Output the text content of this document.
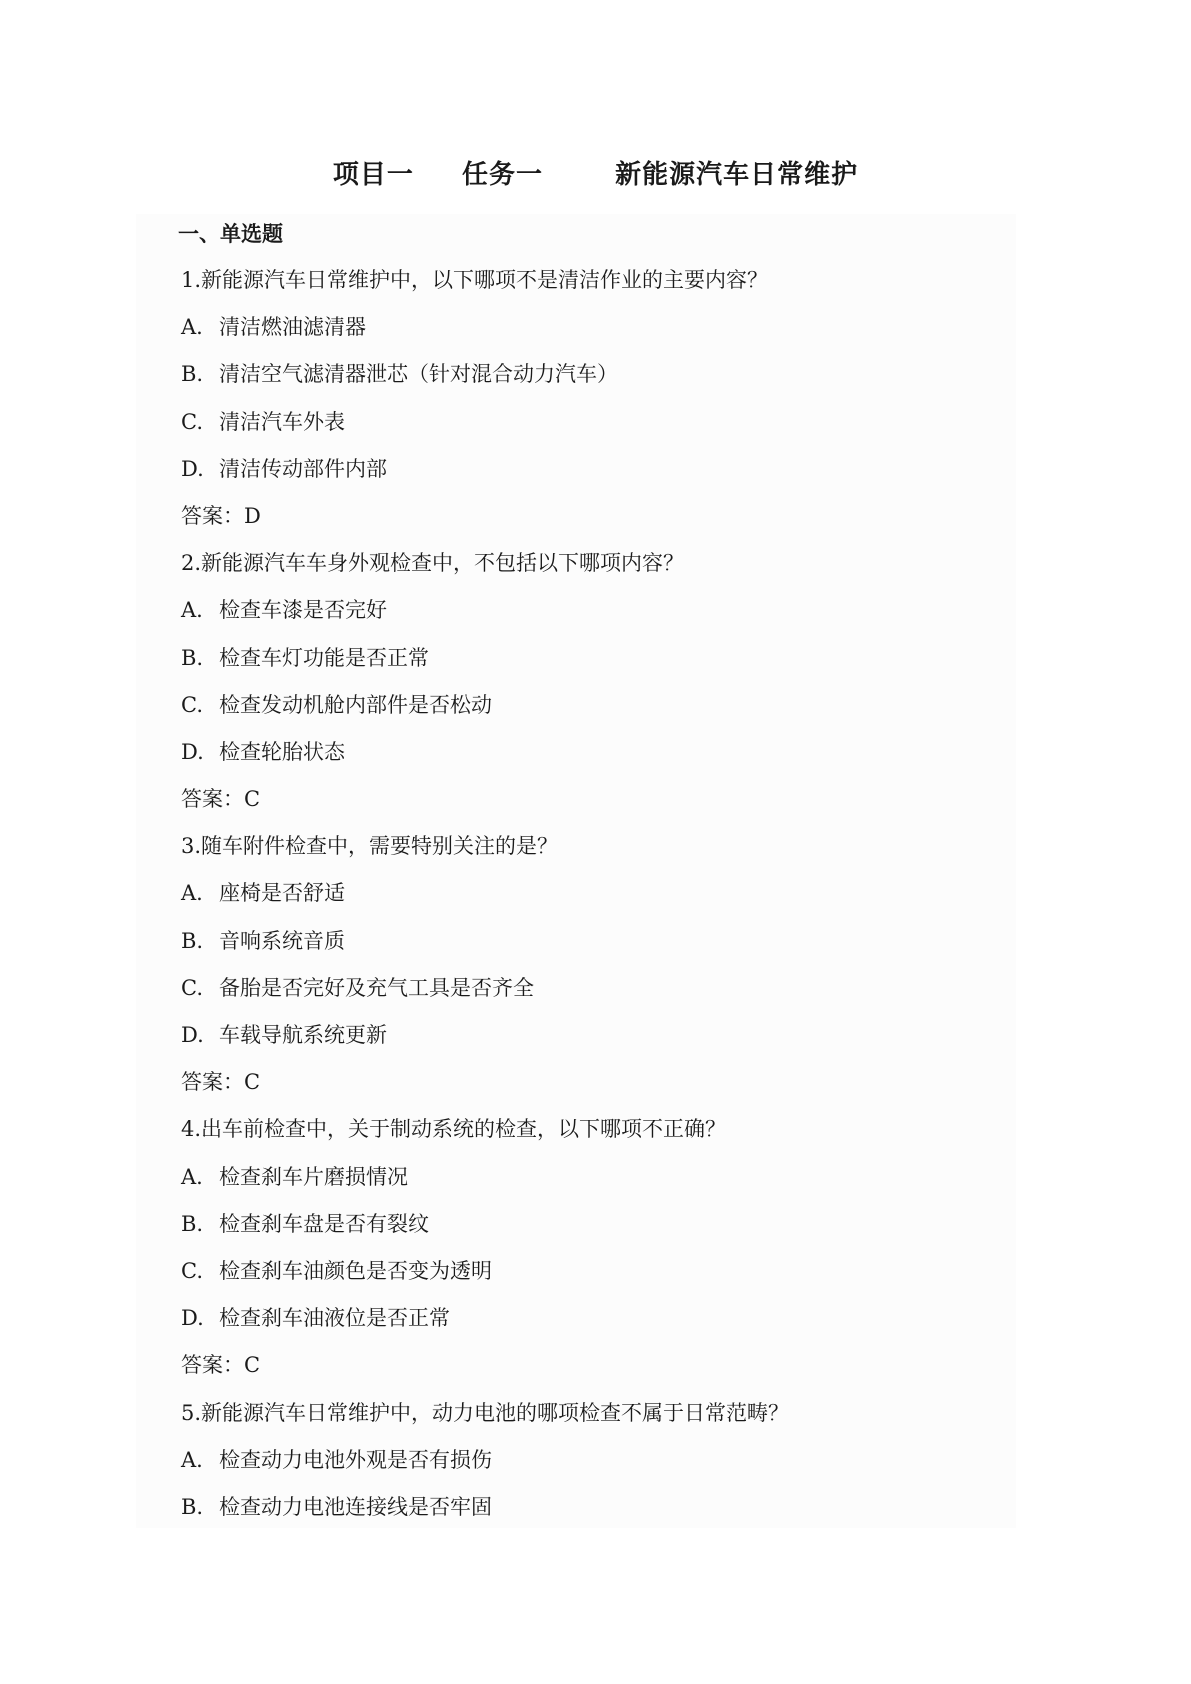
项目一  任务一   新能源汽车日常维护
一、单选题
1.新能源汽车日常维护中，以下哪项不是清洁作业的主要内容？
A. 清洁燃油滤清器
B. 清洁空气滤清器泄芯（针对混合动力汽车）
C. 清洁汽车外表
D. 清洁传动部件内部
答案：D
2.新能源汽车车身外观检查中，不包括以下哪项内容？
A. 检查车漆是否完好
B. 检查车灯功能是否正常
C. 检查发动机舱内部件是否松动
D. 检查轮胎状态
答案：C
3.随车附件检查中，需要特别关注的是？
A. 座椅是否舒适
B. 音响系统音质
C. 备胎是否完好及充气工具是否齐全
D. 车载导航系统更新
答案：C
4.出车前检查中，关于制动系统的检查，以下哪项不正确？
A. 检查刹车片磨损情况
B. 检查刹车盘是否有裂纹
C. 检查刹车油颜色是否变为透明
D. 检查刹车油液位是否正常
答案：C
5.新能源汽车日常维护中，动力电池的哪项检查不属于日常范畴？
A. 检查动力电池外观是否有损伤
B. 检查动力电池连接线是否牢固
